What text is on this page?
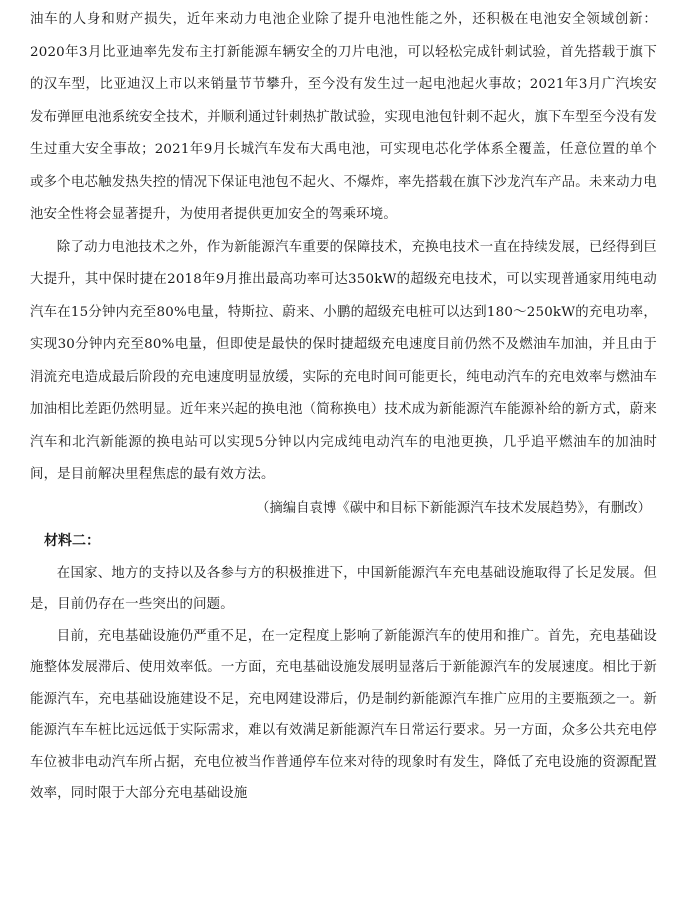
油车的人身和财产损失，近年来动力电池企业除了提升电池性能之外，还积极在电池安全领域创新：2020年3月比亚迪率先发布主打新能源车辆安全的刀片电池，可以轻松完成针刺试验，首先搭载于旗下的汉车型，比亚迪汉上市以来销量节节攀升，至今没有发生过一起电池起火事故；2021年3月广汽埃安发布弹匣电池系统安全技术，并顺利通过针刺热扩散试验，实现电池包针刺不起火，旗下车型至今没有发生过重大安全事故；2021年9月长城汽车发布大禹电池，可实现电芯化学体系全覆盖，任意位置的单个或多个电芯触发热失控的情况下保证电池包不起火、不爆炸，率先搭载在旗下沙龙汽车产品。未来动力电池安全性将会显著提升，为使用者提供更加安全的驾乘环境。

除了动力电池技术之外，作为新能源汽车重要的保障技术，充换电技术一直在持续发展，已经得到巨大提升，其中保时捷在2018年9月推出最高功率可达350kW的超级充电技术，可以实现普通家用纯电动汽车在15分钟内充至80%电量，特斯拉、蔚来、小鹏的超级充电桩可以达到180～250kW的充电功率，实现30分钟内充至80%电量，但即使是最快的保时捷超级充电速度目前仍然不及燃油车加油，并且由于涓流充电造成最后阶段的充电速度明显放缓，实际的充电时间可能更长，纯电动汽车的充电效率与燃油车加油相比差距仍然明显。近年来兴起的换电池（简称换电）技术成为新能源汽车能源补给的新方式，蔚来汽车和北汽新能源的换电站可以实现5分钟以内完成纯电动汽车的电池更换，几乎追平燃油车的加油时间，是目前解决里程焦虑的最有效方法。

（摘编自袁博《碳中和目标下新能源汽车技术发展趋势》，有删改）

材料二：

在国家、地方的支持以及各参与方的积极推进下，中国新能源汽车充电基础设施取得了长足发展。但是，目前仍存在一些突出的问题。

目前，充电基础设施仍严重不足，在一定程度上影响了新能源汽车的使用和推广。首先，充电基础设施整体发展滞后、使用效率低。一方面，充电基础设施发展明显落后于新能源汽车的发展速度。相比于新能源汽车，充电基础设施建设不足，充电网建设滞后，仍是制约新能源汽车推广应用的主要瓶颈之一。新能源汽车车桩比远远低于实际需求，难以有效满足新能源汽车日常运行要求。另一方面，众多公共充电停车位被非电动汽车所占据，充电位被当作普通停车位来对待的现象时有发生，降低了充电设施的资源配置效率，同时限于大部分充电基础设施
